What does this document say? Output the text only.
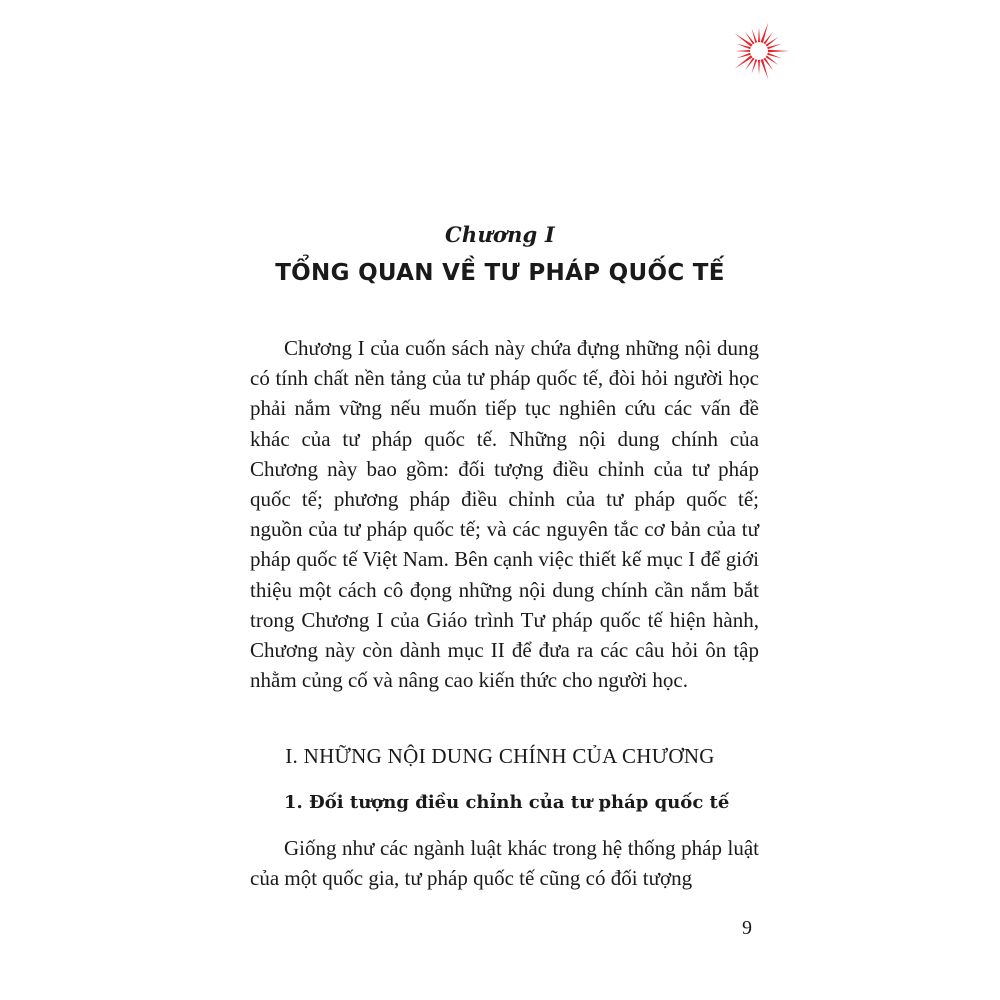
Chương I
TỔNG QUAN VỀ TƯ PHÁP QUỐC TẾ

Chương I của cuốn sách này chứa đựng những nội dung có tính chất nền tảng của tư pháp quốc tế, đòi hỏi người học phải nắm vững nếu muốn tiếp tục nghiên cứu các vấn đề khác của tư pháp quốc tế. Những nội dung chính của Chương này bao gồm: đối tượng điều chỉnh của tư pháp quốc tế; phương pháp điều chỉnh của tư pháp quốc tế; nguồn của tư pháp quốc tế; và các nguyên tắc cơ bản của tư pháp quốc tế Việt Nam. Bên cạnh việc thiết kế mục I để giới thiệu một cách cô đọng những nội dung chính cần nắm bắt trong Chương I của Giáo trình Tư pháp quốc tế hiện hành, Chương này còn dành mục II để đưa ra các câu hỏi ôn tập nhằm củng cố và nâng cao kiến thức cho người học.

I. NHỮNG NỘI DUNG CHÍNH CỦA CHƯƠNG
1. Đối tượng điều chỉnh của tư pháp quốc tế

Giống như các ngành luật khác trong hệ thống pháp luật của một quốc gia, tư pháp quốc tế cũng có đối tượng

9
